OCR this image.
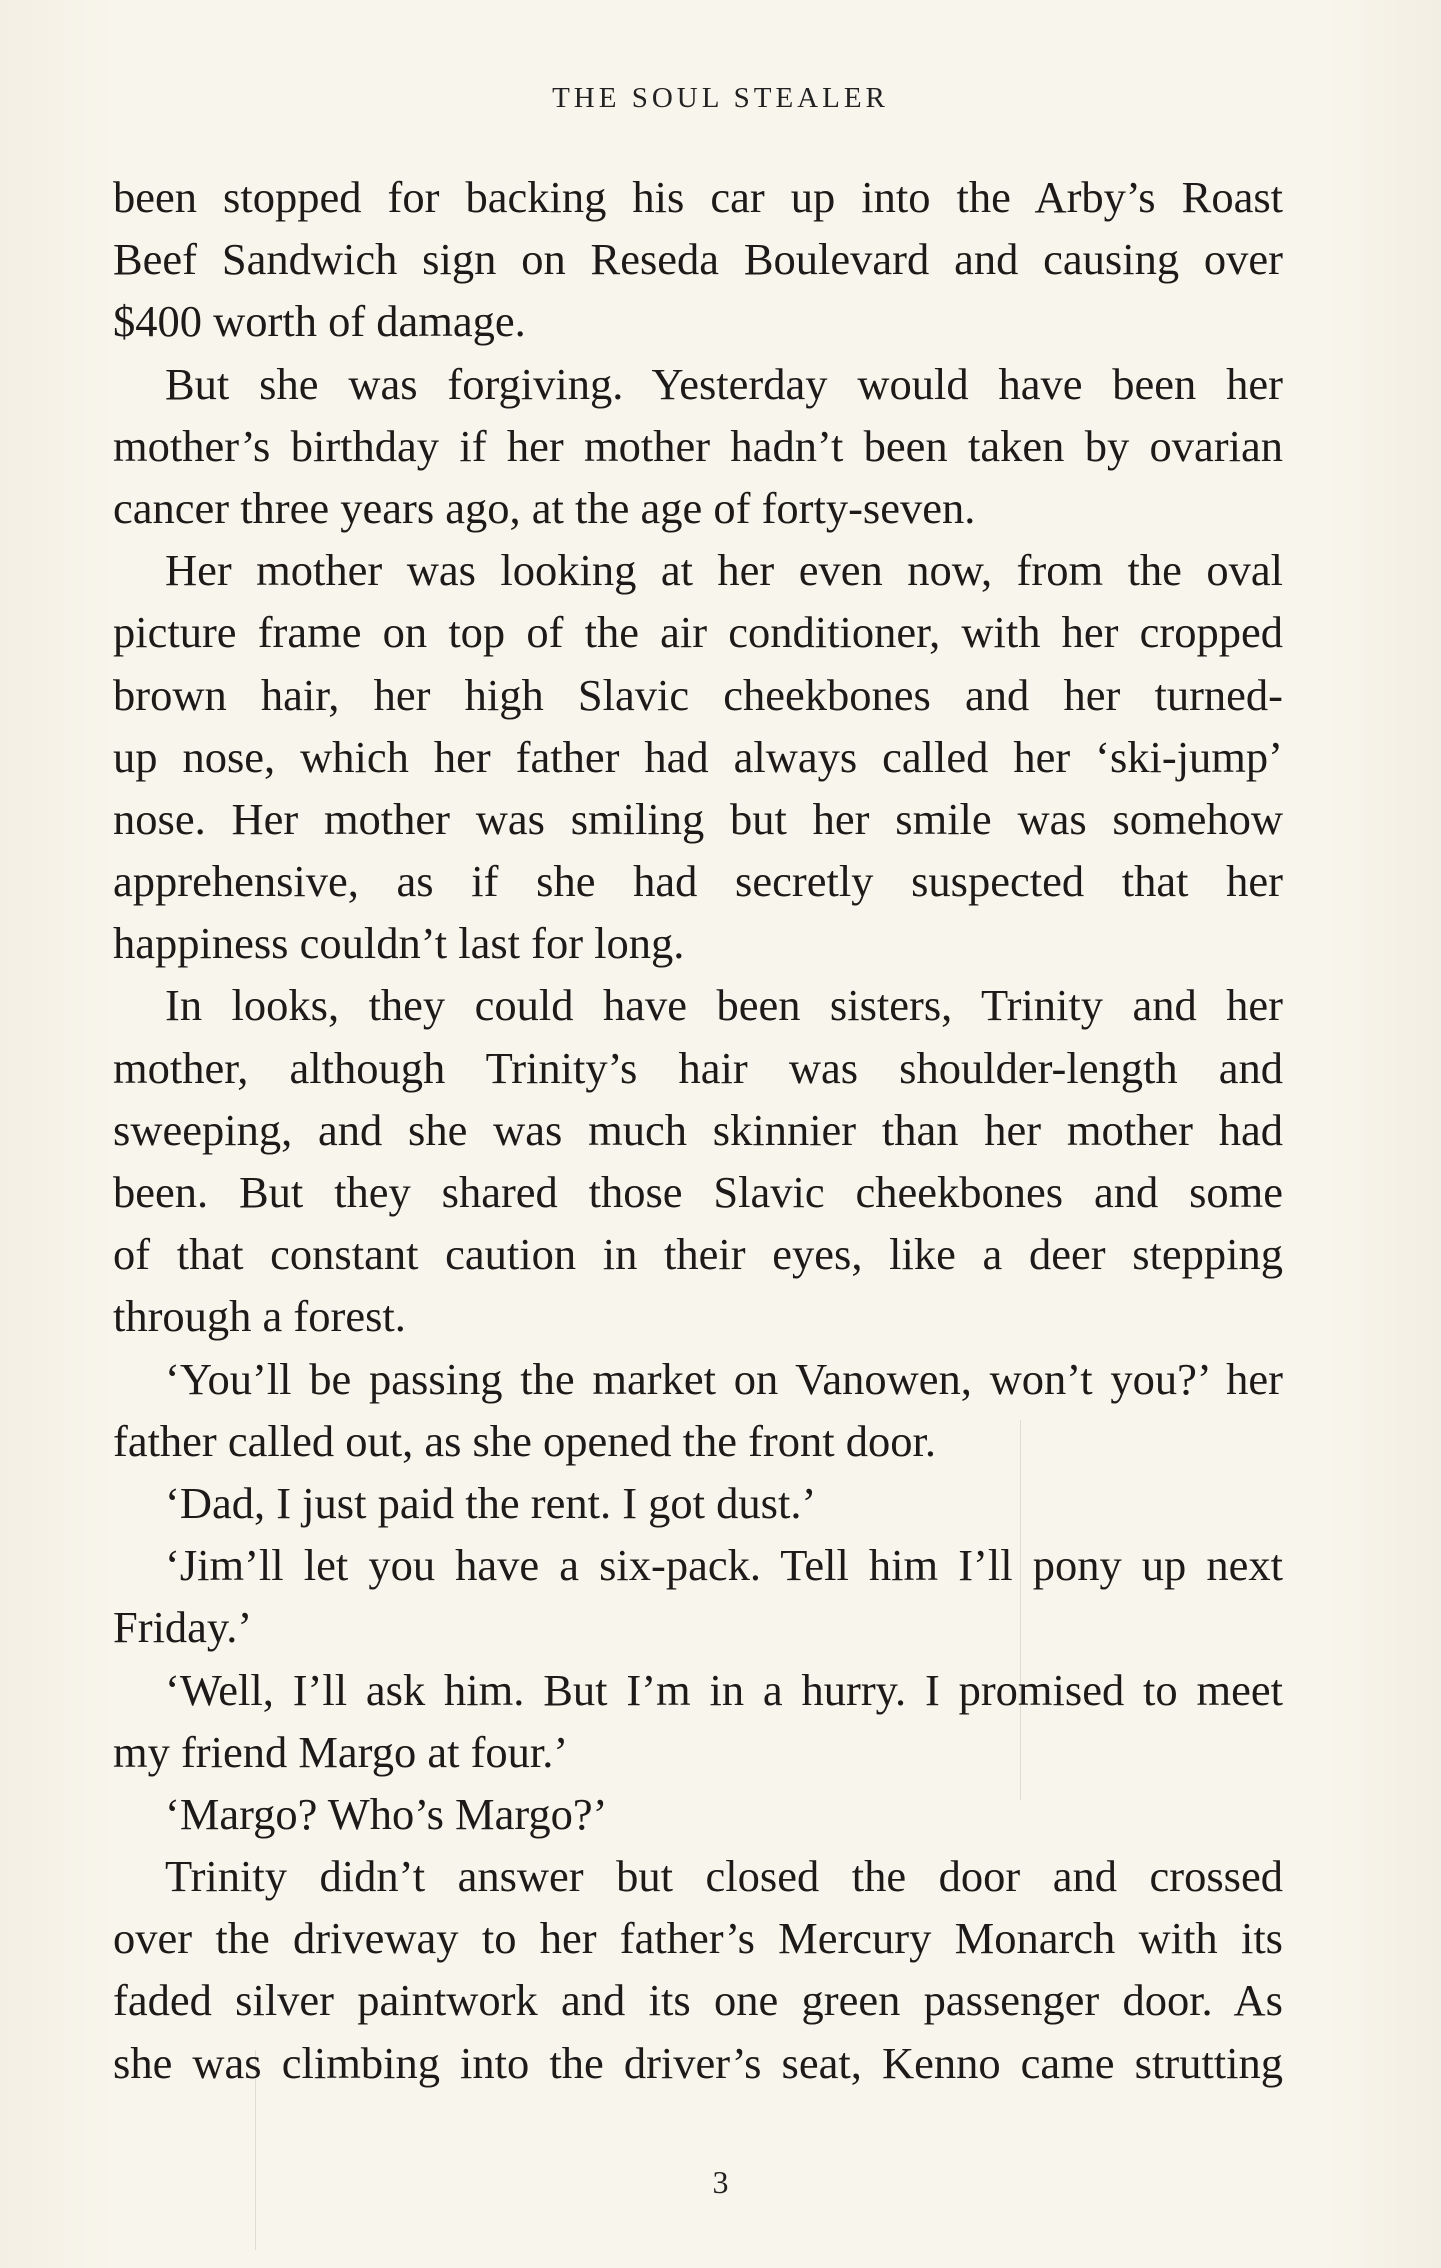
THE SOUL STEALER
been stopped for backing his car up into the Arby’s Roast
Beef Sandwich sign on Reseda Boulevard and causing over
$400 worth of damage.
But she was forgiving. Yesterday would have been her
mother’s birthday if her mother hadn’t been taken by ovarian
cancer three years ago, at the age of forty-seven.
Her mother was looking at her even now, from the oval
picture frame on top of the air conditioner, with her cropped
brown hair, her high Slavic cheekbones and her turned-
up nose, which her father had always called her ‘ski-jump’
nose. Her mother was smiling but her smile was somehow
apprehensive, as if she had secretly suspected that her
happiness couldn’t last for long.
In looks, they could have been sisters, Trinity and her
mother, although Trinity’s hair was shoulder-length and
sweeping, and she was much skinnier than her mother had
been. But they shared those Slavic cheekbones and some
of that constant caution in their eyes, like a deer stepping
through a forest.
‘You’ll be passing the market on Vanowen, won’t you?’ her
father called out, as she opened the front door.
‘Dad, I just paid the rent. I got dust.’
‘Jim’ll let you have a six-pack. Tell him I’ll pony up next
Friday.’
‘Well, I’ll ask him. But I’m in a hurry. I promised to meet
my friend Margo at four.’
‘Margo? Who’s Margo?’
Trinity didn’t answer but closed the door and crossed
over the driveway to her father’s Mercury Monarch with its
faded silver paintwork and its one green passenger door. As
she was climbing into the driver’s seat, Kenno came strutting
3
